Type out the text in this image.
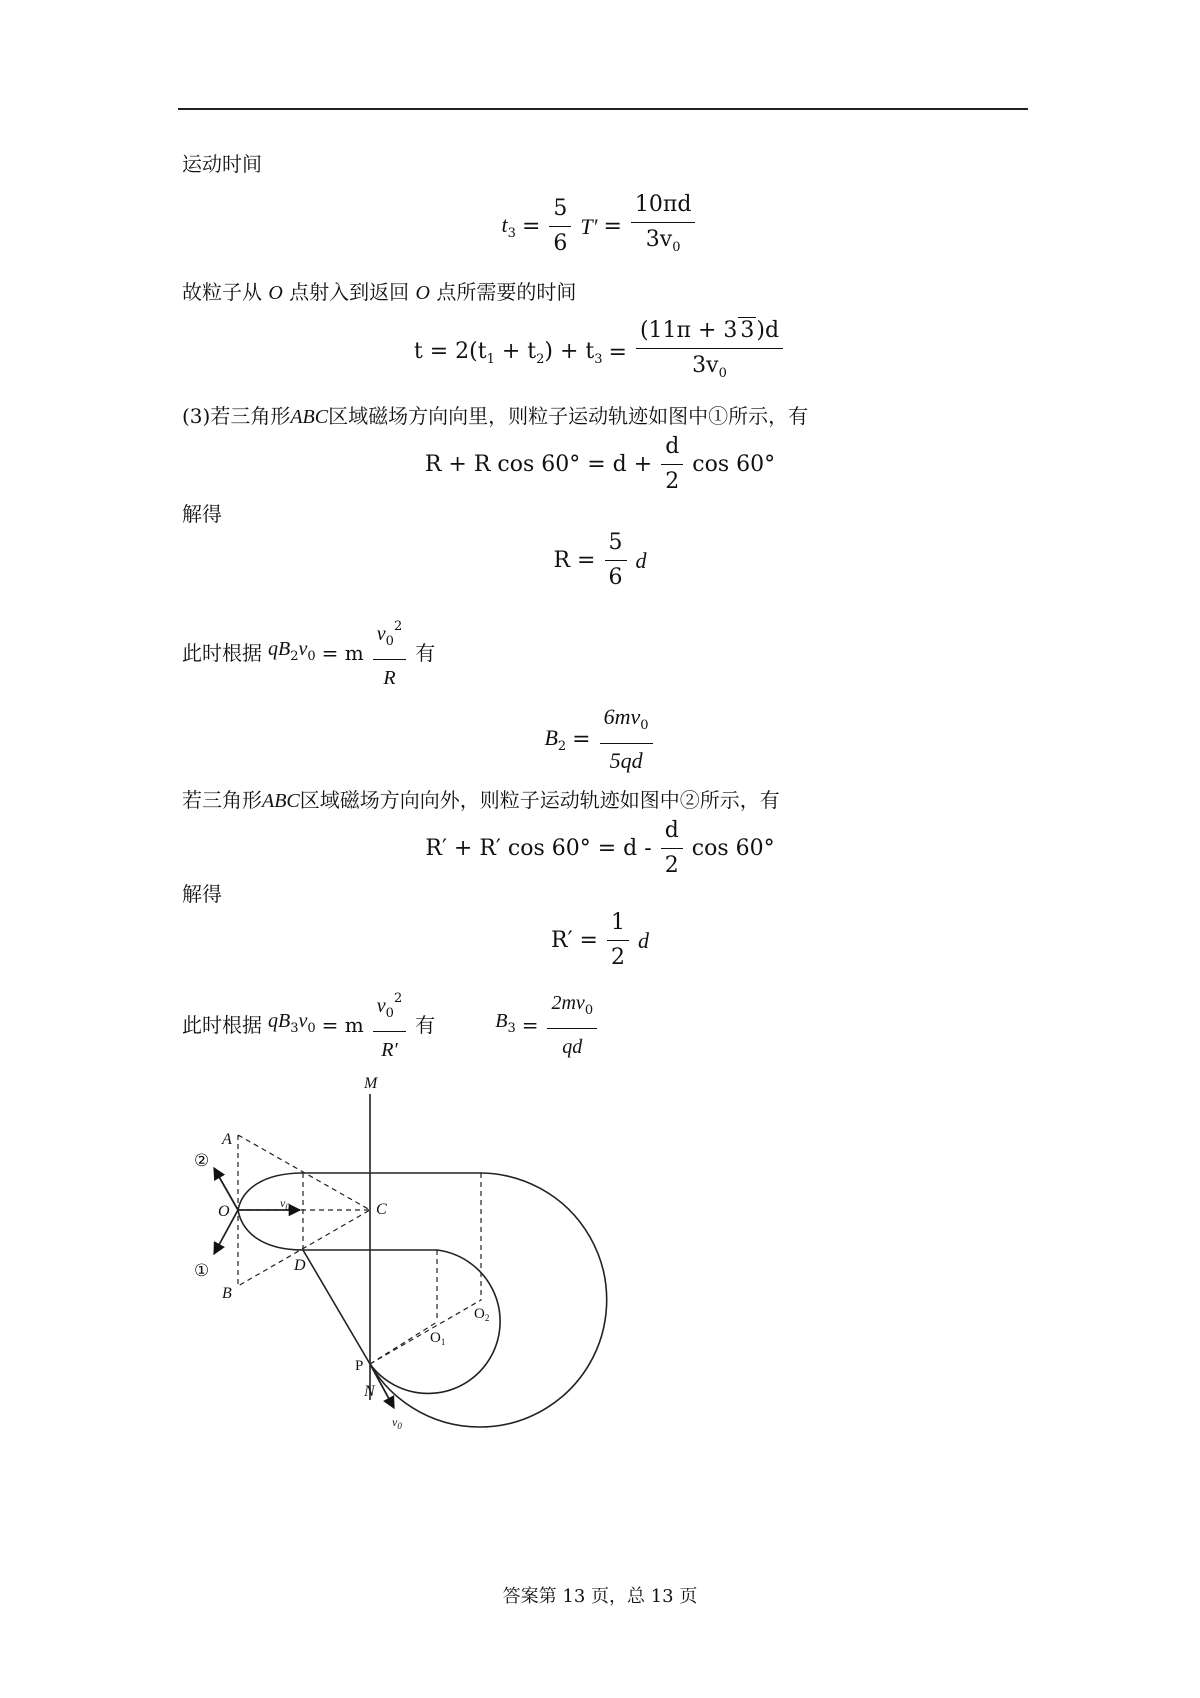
运动时间
$t_3 = \frac{5}{6} T' = \frac{10\pi d}{3v_0}$
故粒子从 O 点射入到返回 O 点所需要的时间
$t = 2(t_1 + t_2) + t_3 = \frac{(11\pi + 3 3)d}{3v_0}$
(3)若三角形ABC区域磁场方向向里，则粒子运动轨迹如图中①所示，有
R + R $\cos 60^\circ = d + \frac{d}{2}$ cos 60°
解得
$R = \frac{5}{6}$ d
此时根据 $qB_2v_0 = m \frac{v_0^2}{R}$ 有
$B_2 = \frac{6mv_0}{5qd}$
若三角形ABC区域磁场方向向外，则粒子运动轨迹如图中②所示，有
R′ + R′ $\cos 60^\circ = d - \frac{d}{2}$ cos 60°
解得
$R' = \frac{1}{2}$ d
此时根据 $qB_3v_0 = m \frac{v_0^2}{R'}$ 有	$B_3 = \frac{2mv_0}{qd}$
M
A
B
C
D
O
N
$v_0$
$v_0$
P
$O_1$
$O_2$
②
①
答案第 13 页，总 13 页
